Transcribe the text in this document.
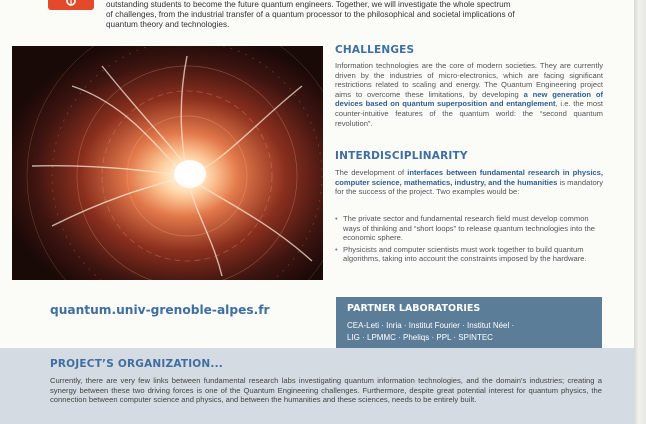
outstanding students to become the future quantum engineers. Together, we will investigate the whole spectrum
of challenges, from the industrial transfer of a quantum processor to the philosophical and societal implications of
quantum theory and technologies.
CHALLENGES
Information technologies are the core of modern societies. They are currently driven by the industries of micro-electronics, which are facing significant restrictions related to scaling and energy. The Quantum Engineering project aims to overcome these limitations, by developing a new generation of devices based on quantum superposition and entanglement, i.e. the most counter-intuitive features of the quantum world: the “second quantum revolution”.
INTERDISCIPLINARITY
The development of interfaces between fundamental research in physics, computer science, mathematics, industry, and the humanities is mandatory for the success of the project. Two examples would be:
• The private sector and fundamental research field must develop common ways of thinking and “short loops” to release quantum technologies into the economic sphere.
• Physicists and computer scientists must work together to build quantum algorithms, taking into account the constraints imposed by the hardware.
quantum.univ-grenoble-alpes.fr	PARTNER LABORATORIES
CEA-Leti · Inria · Institut Fourier · Institut Néel ·
LIG · LPMMC · Pheliqs · PPL · SPINTEC
PROJECT’S ORGANIZATION...
Currently, there are very few links between fundamental research labs investigating quantum information technologies, and the domain’s industries; creating a synergy between these two driving forces is one of the Quantum Engineering challenges. Furthermore, despite great potential interest for quantum physics, the connection between computer science and physics, and between the humanities and these sciences, needs to be entirely built.
